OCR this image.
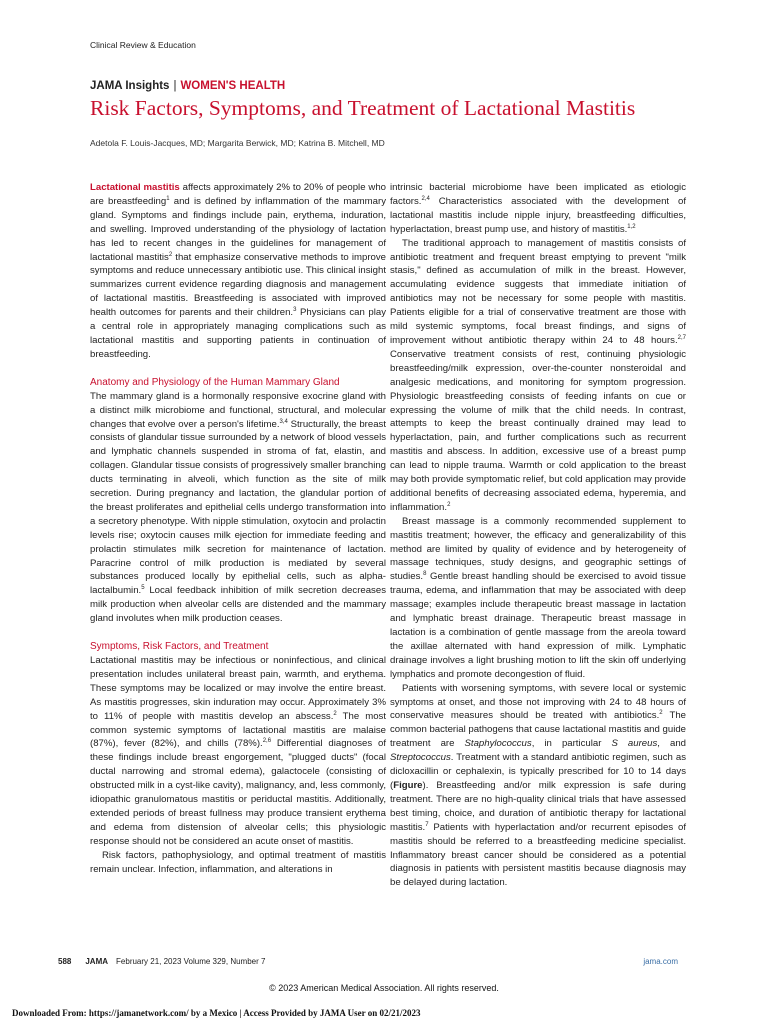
Clinical Review & Education
JAMA Insights | WOMEN'S HEALTH
Risk Factors, Symptoms, and Treatment of Lactational Mastitis
Adetola F. Louis-Jacques, MD; Margarita Berwick, MD; Katrina B. Mitchell, MD

Lactational mastitis affects approximately 2% to 20% of people who are breastfeeding$^1$ and is defined by inflammation of the mammary gland. Symptoms and findings include pain, erythema, induration, and swelling. Improved understanding of the physiology of lactation has led to recent changes in the guidelines for management of lactational mastitis$^2$ that emphasize conservative methods to improve symptoms and reduce unnecessary antibiotic use. This clinical insight summarizes current evidence regarding diagnosis and management of lactational mastitis. Breastfeeding is associated with improved health outcomes for parents and their children.$^3$ Physicians can play a central role in appropriately managing complications such as lactational mastitis and supporting patients in continuation of breastfeeding.

Anatomy and Physiology of the Human Mammary Gland

The mammary gland is a hormonally responsive exocrine gland with a distinct milk microbiome and functional, structural, and molecular changes that evolve over a person's lifetime.$^{3,4}$ Structurally, the breast consists of glandular tissue surrounded by a network of blood vessels and lymphatic channels suspended in stroma of fat, elastin, and collagen. Glandular tissue consists of progressively smaller branching ducts terminating in alveoli, which function as the site of milk secretion. During pregnancy and lactation, the glandular portion of the breast proliferates and epithelial cells undergo transformation into a secretory phenotype. With nipple stimulation, oxytocin and prolactin levels rise; oxytocin causes milk ejection for immediate feeding and prolactin stimulates milk secretion for maintenance of lactation. Paracrine control of milk production is mediated by several substances produced locally by epithelial cells, such as alpha-lactalbumin.$^5$ Local feedback inhibition of milk secretion decreases milk production when alveolar cells are distended and the mammary gland involutes when milk production ceases.

Symptoms, Risk Factors, and Treatment

Lactational mastitis may be infectious or noninfectious, and clinical presentation includes unilateral breast pain, warmth, and erythema. These symptoms may be localized or may involve the entire breast. As mastitis progresses, skin induration may occur. Approximately 3% to 11% of people with mastitis develop an abscess.$^2$ The most common systemic symptoms of lactational mastitis are malaise (87%), fever (82%), and chills (78%).$^{2,6}$ Differential diagnoses of these findings include breast engorgement, "plugged ducts" (focal ductal narrowing and stromal edema), galactocele (consisting of obstructed milk in a cyst-like cavity), malignancy, and, less commonly, idiopathic granulomatous mastitis or periductal mastitis. Additionally, extended periods of breast fullness may produce transient erythema and edema from distension of alveolar cells; this physiologic response should not be considered an acute onset of mastitis.

Risk factors, pathophysiology, and optimal treatment of mastitis remain unclear. Infection, inflammation, and alterations in

intrinsic bacterial microbiome have been implicated as etiologic factors.$^{2,4}$ Characteristics associated with the development of lactational mastitis include nipple injury, breastfeeding difficulties, hyperlactation, breast pump use, and history of mastitis.$^{1,2}$

The traditional approach to management of mastitis consists of antibiotic treatment and frequent breast emptying to prevent "milk stasis," defined as accumulation of milk in the breast. However, accumulating evidence suggests that immediate initiation of antibiotics may not be necessary for some people with mastitis. Patients eligible for a trial of conservative treatment are those with mild systemic symptoms, focal breast findings, and signs of improvement without antibiotic therapy within 24 to 48 hours.$^{2,7}$ Conservative treatment consists of rest, continuing physiologic breastfeeding/milk expression, over-the-counter nonsteroidal and analgesic medications, and monitoring for symptom progression. Physiologic breastfeeding consists of feeding infants on cue or expressing the volume of milk that the child needs. In contrast, attempts to keep the breast continually drained may lead to hyperlactation, pain, and further complications such as recurrent mastitis and abscess. In addition, excessive use of a breast pump can lead to nipple trauma. Warmth or cold application to the breast may both provide symptomatic relief, but cold application may provide additional benefits of decreasing associated edema, hyperemia, and inflammation.$^2$

Breast massage is a commonly recommended supplement to mastitis treatment; however, the efficacy and generalizability of this method are limited by quality of evidence and by heterogeneity of massage techniques, study designs, and geographic settings of studies.$^8$ Gentle breast handling should be exercised to avoid tissue trauma, edema, and inflammation that may be associated with deep massage; examples include therapeutic breast massage in lactation and lymphatic breast drainage. Therapeutic breast massage in lactation is a combination of gentle massage from the areola toward the axillae alternated with hand expression of milk. Lymphatic drainage involves a light brushing motion to lift the skin off underlying lymphatics and promote decongestion of fluid.

Patients with worsening symptoms, with severe local or systemic symptoms at onset, and those not improving with 24 to 48 hours of conservative measures should be treated with antibiotics.$^2$ The common bacterial pathogens that cause lactational mastitis and guide treatment are Staphylococcus, in particular S aureus, and Streptococcus. Treatment with a standard antibiotic regimen, such as dicloxacillin or cephalexin, is typically prescribed for 10 to 14 days (Figure). Breastfeeding and/or milk expression is safe during treatment. There are no high-quality clinical trials that have assessed best timing, choice, and duration of antibiotic therapy for lactational mastitis.$^7$ Patients with hyperlactation and/or recurrent episodes of mastitis should be referred to a breastfeeding medicine specialist. Inflammatory breast cancer should be considered as a potential diagnosis in patients with persistent mastitis because diagnosis may be delayed during lactation.

588 JAMA February 21, 2023 Volume 329, Number 7	jama.com
© 2023 American Medical Association. All rights reserved.
Downloaded From: https://jamanetwork.com/ by a Mexico | Access Provided by JAMA User on 02/21/2023
